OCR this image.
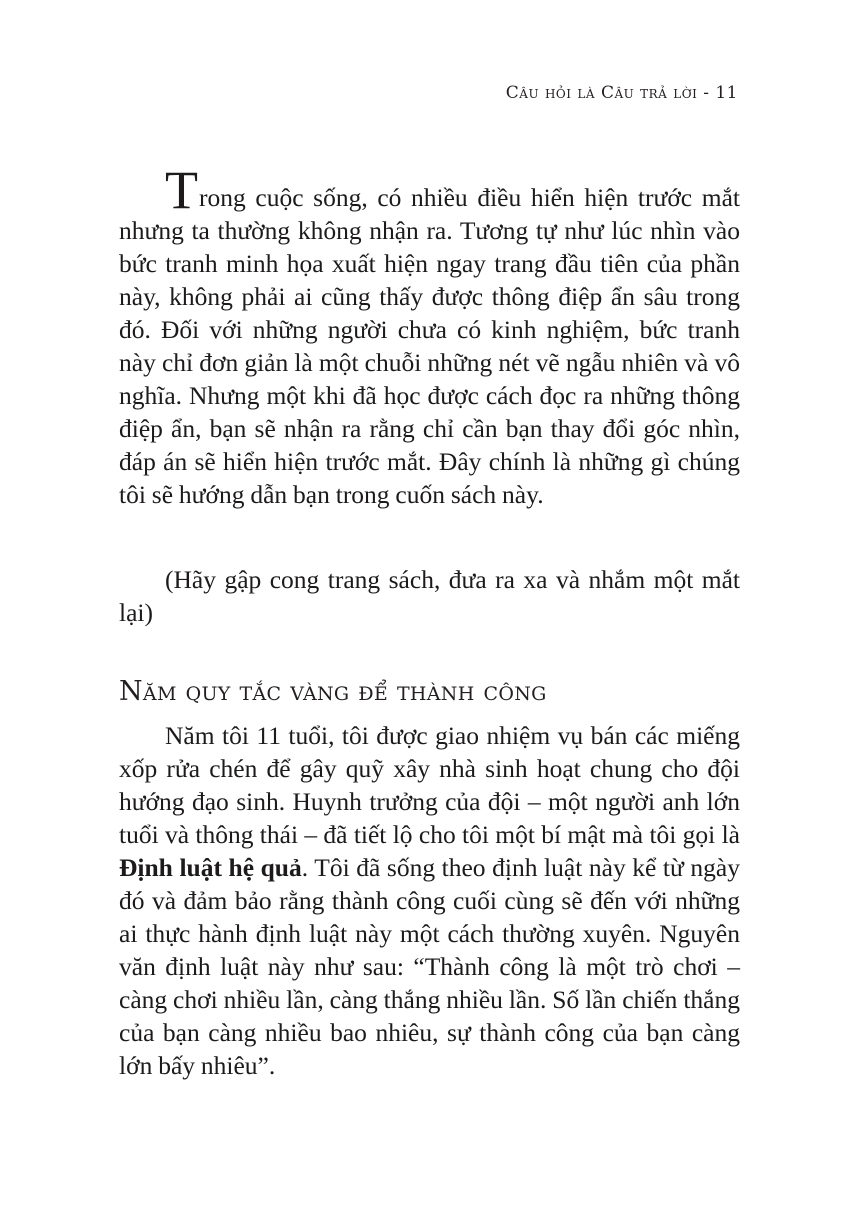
Câu hỏi là Câu trả lời - 11

Trong cuộc sống, có nhiều điều hiển hiện trước mắt nhưng ta thường không nhận ra. Tương tự như lúc nhìn vào bức tranh minh họa xuất hiện ngay trang đầu tiên của phần này, không phải ai cũng thấy được thông điệp ẩn sâu trong đó. Đối với những người chưa có kinh nghiệm, bức tranh này chỉ đơn giản là một chuỗi những nét vẽ ngẫu nhiên và vô nghĩa. Nhưng một khi đã học được cách đọc ra những thông điệp ẩn, bạn sẽ nhận ra rằng chỉ cần bạn thay đổi góc nhìn, đáp án sẽ hiển hiện trước mắt. Đây chính là những gì chúng tôi sẽ hướng dẫn bạn trong cuốn sách này.

(Hãy gập cong trang sách, đưa ra xa và nhắm một mắt lại)

Năm quy tắc vàng để thành công

Năm tôi 11 tuổi, tôi được giao nhiệm vụ bán các miếng xốp rửa chén để gây quỹ xây nhà sinh hoạt chung cho đội hướng đạo sinh. Huynh trưởng của đội – một người anh lớn tuổi và thông thái – đã tiết lộ cho tôi một bí mật mà tôi gọi là Định luật hệ quả. Tôi đã sống theo định luật này kể từ ngày đó và đảm bảo rằng thành công cuối cùng sẽ đến với những ai thực hành định luật này một cách thường xuyên. Nguyên văn định luật này như sau: “Thành công là một trò chơi – càng chơi nhiều lần, càng thắng nhiều lần. Số lần chiến thắng của bạn càng nhiều bao nhiêu, sự thành công của bạn càng lớn bấy nhiêu”.
